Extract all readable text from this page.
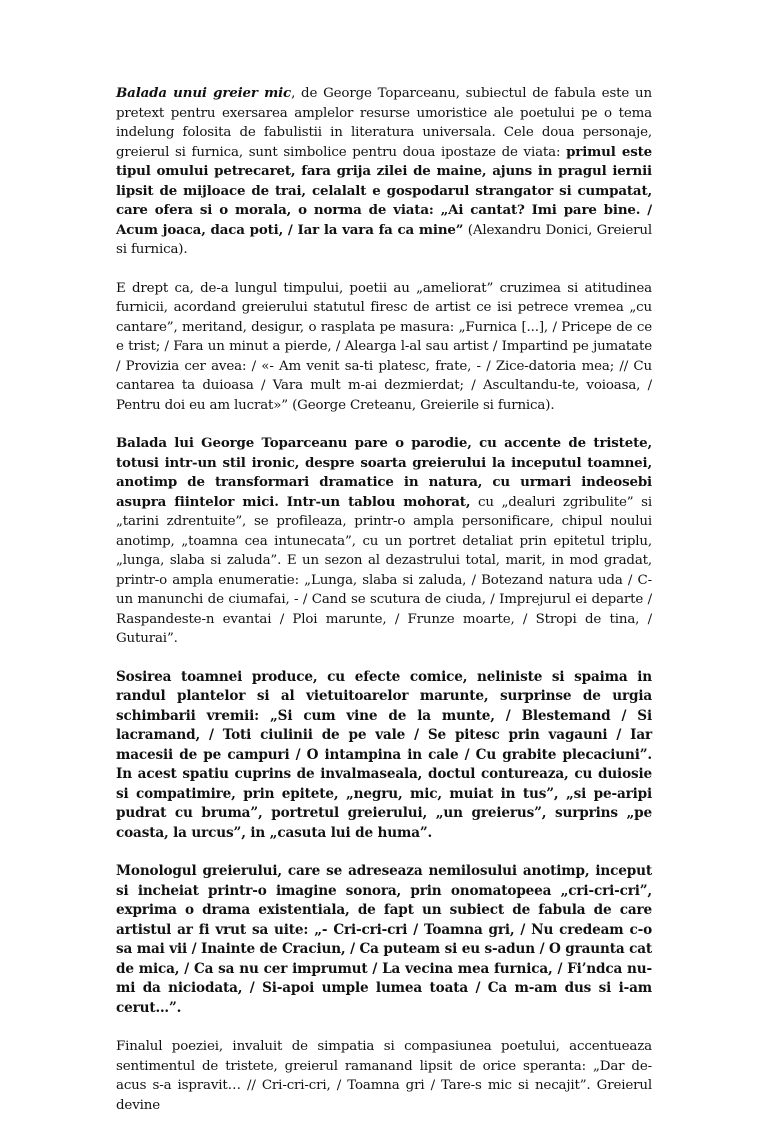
Balada unui greier mic, de George Toparceanu, subiectul de fabula este un pretext pentru exersarea amplelor resurse umoristice ale poetului pe o tema indelung folosita de fabulistii in literatura universala. Cele doua personaje, greierul si furnica, sunt simbolice pentru doua ipostaze de viata: primul este tipul omului petrecaret, fara grija zilei de maine, ajuns in pragul iernii lipsit de mijloace de trai, celalalt e gospodarul strangator si cumpatat, care ofera si o morala, o norma de viata: „Ai cantat? Imi pare bine. / Acum joaca, daca poti, / Iar la vara fa ca mine” (Alexandru Donici, Greierul si furnica).

E drept ca, de-a lungul timpului, poetii au „ameliorat” cruzimea si atitudinea furnicii, acordand greierului statutul firesc de artist ce isi petrece vremea „cu cantare”, meritand, desigur, o rasplata pe masura: „Furnica [...], / Pricepe de ce e trist; / Fara un minut a pierde, / Alearga l-al sau artist / Impartind pe jumatate / Provizia cer avea: / «- Am venit sa-ti platesc, frate, - / Zice-datoria mea; // Cu cantarea ta duioasa / Vara mult m-ai dezmierdat; / Ascultandu-te, voioasa, / Pentru doi eu am lucrat»” (George Creteanu, Greierile si furnica).

Balada lui George Toparceanu pare o parodie, cu accente de tristete, totusi intr-un stil ironic, despre soarta greierului la inceputul toamnei, anotimp de transformari dramatice in natura, cu urmari indeosebi asupra fiintelor mici. Intr-un tablou mohorat, cu „dealuri zgribulite” si „tarini zdrentuite”, se profileaza, printr-o ampla personificare, chipul noului anotimp, „toamna cea intunecata”, cu un portret detaliat prin epitetul triplu, „lunga, slaba si zaluda”. E un sezon al dezastrului total, marit, in mod gradat, printr-o ampla enumeratie: „Lunga, slaba si zaluda, / Botezand natura uda / C-un manunchi de ciumafai, - / Cand se scutura de ciuda, / Imprejurul ei departe / Raspandeste-n evantai / Ploi marunte, / Frunze moarte, / Stropi de tina, / Guturai”.

Sosirea toamnei produce, cu efecte comice, neliniste si spaima in randul plantelor si al vietuitoarelor marunte, surprinse de urgia schimbarii vremii: „Si cum vine de la munte, / Blestemand / Si lacramand, / Toti ciulinii de pe vale / Se pitesc prin vagauni / Iar macesii de pe campuri / O intampina in cale / Cu grabite plecaciuni”. In acest spatiu cuprins de invalmaseala, doctul contureaza, cu duiosie si compatimire, prin epitete, „negru, mic, muiat in tus”, „si pe-aripi pudrat cu bruma”, portretul greierului, „un greierus”, surprins „pe coasta, la urcus”, in „casuta lui de huma”.

Monologul greierului, care se adreseaza nemilosului anotimp, inceput si incheiat printr-o imagine sonora, prin onomatopeea „cri-cri-cri”, exprima o drama existentiala, de fapt un subiect de fabula de care artistul ar fi vrut sa uite: „- Cri-cri-cri / Toamna gri, / Nu credeam c-o sa mai vii / Inainte de Craciun, / Ca puteam si eu s-adun / O graunta cat de mica, / Ca sa nu cer imprumut / La vecina mea furnica, / Fi’ndca nu-mi da niciodata, / Si-apoi umple lumea toata / Ca m-am dus si i-am cerut…”.

Finalul poeziei, invaluit de simpatia si compasiunea poetului, accentueaza sentimentul de tristete, greierul ramanand lipsit de orice speranta: „Dar de-acus s-a ispravit… // Cri-cri-cri, / Toamna gri / Tare-s mic si necajit”. Greierul devine
